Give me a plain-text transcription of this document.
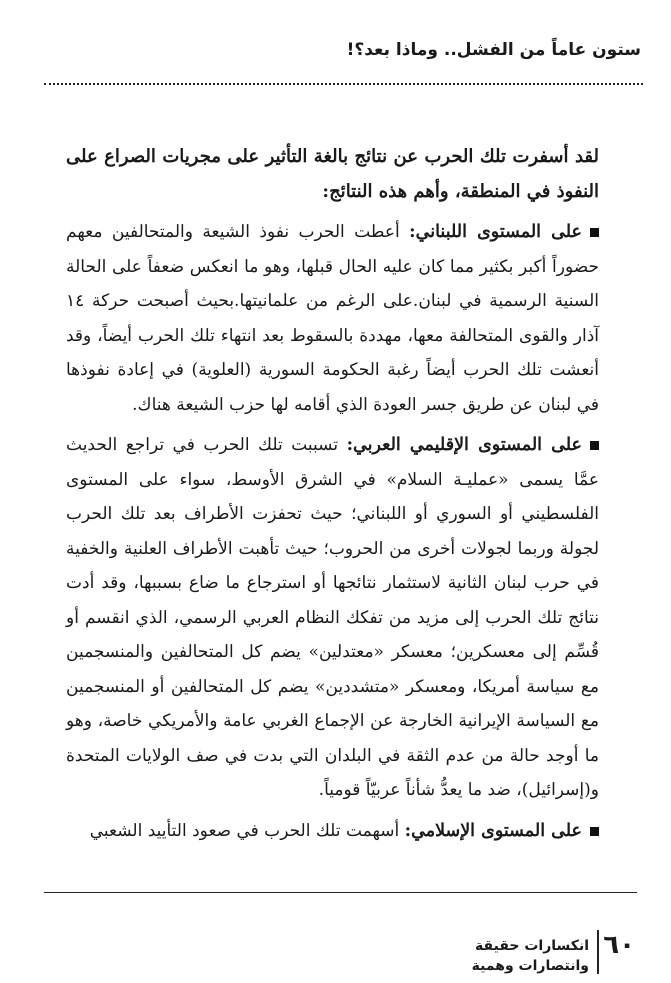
ستون عاماً من الفشل.. وماذا بعد؟!

لقد أسفرت تلك الحرب عن نتائج بالغة التأثير على مجريات الصراع على النفوذ في المنطقة، وأهم هذه النتائج:

على المستوى اللبناني: أعطت الحرب نفوذ الشيعة والمتحالفين معهم حضوراً أكبر بكثير مما كان عليه الحال قبلها، وهو ما انعكس ضعفاً على الحالة السنية الرسمية في لبنان.على الرغم من علمانيتها.بحيث أصبحت حركة ١٤ آذار والقوى المتحالفة معها، مهددة بالسقوط بعد انتهاء تلك الحرب أيضاً، وقد أنعشت تلك الحرب أيضاً رغبة الحكومة السورية (العلوية) في إعادة نفوذها في لبنان عن طريق جسر العودة الذي أقامه لها حزب الشيعة هناك.

على المستوى الإقليمي العربي: تسببت تلك الحرب في تراجع الحديث عمَّا يسمى «عمليـة السلام» في الشرق الأوسط، سواء على المستوى الفلسطيني أو السوري أو اللبناني؛ حيث تحفزت الأطراف بعد تلك الحرب لجولة وربما لجولات أخرى من الحروب؛ حيث تأهبت الأطراف العلنية والخفية في حرب لبنان الثانية لاستثمار نتائجها أو استرجاع ما ضاع بسببها، وقد أدت نتائج تلك الحرب إلى مزيد من تفكك النظام العربي الرسمي، الذي انقسم أو قُسِّم إلى معسكرين؛ معسكر «معتدلين» يضم كل المتحالفين والمنسجمين مع سياسة أمريكا، ومعسكر «متشددين» يضم كل المتحالفين أو المنسجمين مع السياسة الإيرانية الخارجة عن الإجماع الغربي عامة والأمريكي خاصة، وهو ما أوجد حالة من عدم الثقة في البلدان التي بدت في صف الولايات المتحدة و(إسرائيل)، ضد ما يعدُّ شأناً عربيّاً قومياً.

على المستوى الإسلامي: أسهمت تلك الحرب في صعود التأييد الشعبي

٦٠
انكسارات حقيقة
وانتصارات وهمية
